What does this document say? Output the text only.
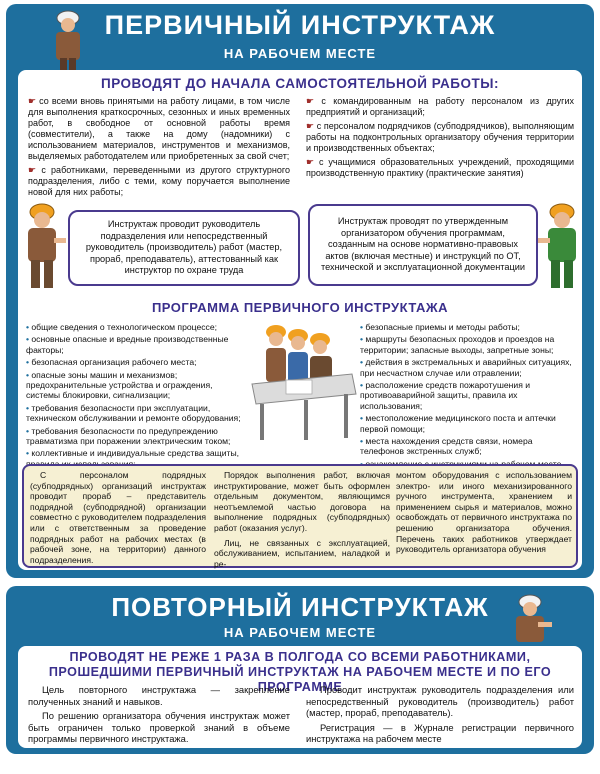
ПЕРВИЧНЫЙ ИНСТРУКТАЖ
НА РАБОЧЕМ МЕСТЕ
ПРОВОДЯТ ДО НАЧАЛА САМОСТОЯТЕЛЬНОЙ РАБОТЫ:

☛ со всеми вновь принятыми на работу лицами, в том числе для выполнения краткосрочных, сезонных и иных временных работ, в свободное от основной работы время (совместители), а также на дому (надомники) с использованием материалов, инструментов и механизмов, выделяемых работодателем или приобретенных за свой счет;

☛ с работниками, переведенными из другого структурного подразделения, либо с теми, кому поручается выполнение новой для них работы;

☛ с командированным на работу персоналом из других предприятий и организаций;

☛ с персоналом подрядчиков (субподрядчиков), выполняющим работы на подконтрольных организатору обучения территории и производственных объектах;

☛ с учащимися образовательных учреждений, проходящими производственную практику (практические занятия)

Инструктаж проводит руководитель подразделения или непосредственный руководитель (производитель) работ (мастер, прораб, преподаватель), аттестованный как инструктор по охране труда
Инструктаж проводят по утвержденным организатором обучения программам, созданным на основе нормативно-правовых актов (включая местные) и инструкций по ОТ, технической и эксплуатационной документации
ПРОГРАММА ПЕРВИЧНОГО ИНСТРУКТАЖА

• общие сведения о технологическом процессе;

• основные опасные и вредные производственные факторы;

• безопасная организация рабочего места;

• опасные зоны машин и механизмов; предохранительные устройства и ограждения, системы блокировки, сигнализации;

• требования безопасности при эксплуатации, техническом обслуживании и ремонте оборудования;

• требования безопасности по предупреждению травматизма при поражении электрическим током;

• коллективные и индивидуальные средства защиты,

• безопасные приемы и методы работы;

• маршруты безопасных проходов и проездов на территории; запасные выходы, запретные зоны;

• действия в экстремальных и аварийных ситуациях, при несчастном случае или отравлении;

• расположение средств пожаротушения и противоаварийной защиты, правила их использования;

• местоположение медицинского поста и аптечки первой помощи;

• места нахождения средств связи, номера телефонов экстренных служб;

С персоналом подрядных (субподрядных) организаций инструктаж проводит прораб – представитель подрядной (субподрядной) организации совместно с руководителем подразделения или с ответственным за проведение подрядных работ на рабочих местах (в рабочей зоне, на территории) данного подразделения.

Порядок выполнения работ, включая инструктирование, может быть оформлен отдельным документом, являющимся неотъемлемой частью договора на выполнение подрядных (субподрядных) работ (оказания услуг).

Лиц, не связанных с эксплуатацией, обслуживанием, испытанием, наладкой и ре-

монтом оборудования с использованием электро- или иного механизированного ручного инструмента, хранением и применением сырья и материалов, можно освобождать от первичного инструктажа по решению организатора обучения. Перечень таких работников утверждает руководитель организатора обучения

ПОВТОРНЫЙ ИНСТРУКТАЖ
НА РАБОЧЕМ МЕСТЕ
ПРОВОДЯТ НЕ РЕЖЕ 1 РАЗА В ПОЛГОДА СО ВСЕМИ РАБОТНИКАМИ, ПРОШЕДШИМИ ПЕРВИЧНЫЙ ИНСТРУКТАЖ НА РАБОЧЕМ МЕСТЕ И ПО ЕГО ПРОГРАММЕ

Цель повторного инструктажа — закрепление полученных знаний и навыков.

По решению организатора обучения инструктаж может быть ограничен только проверкой знаний в объеме программы первичного инструктажа.

Проводит инструктаж руководитель подразделения или непосредственный руководитель (производитель) работ (мастер, прораб, преподаватель).

Регистрация — в Журнале регистрации первичного инструктажа на рабочем месте
